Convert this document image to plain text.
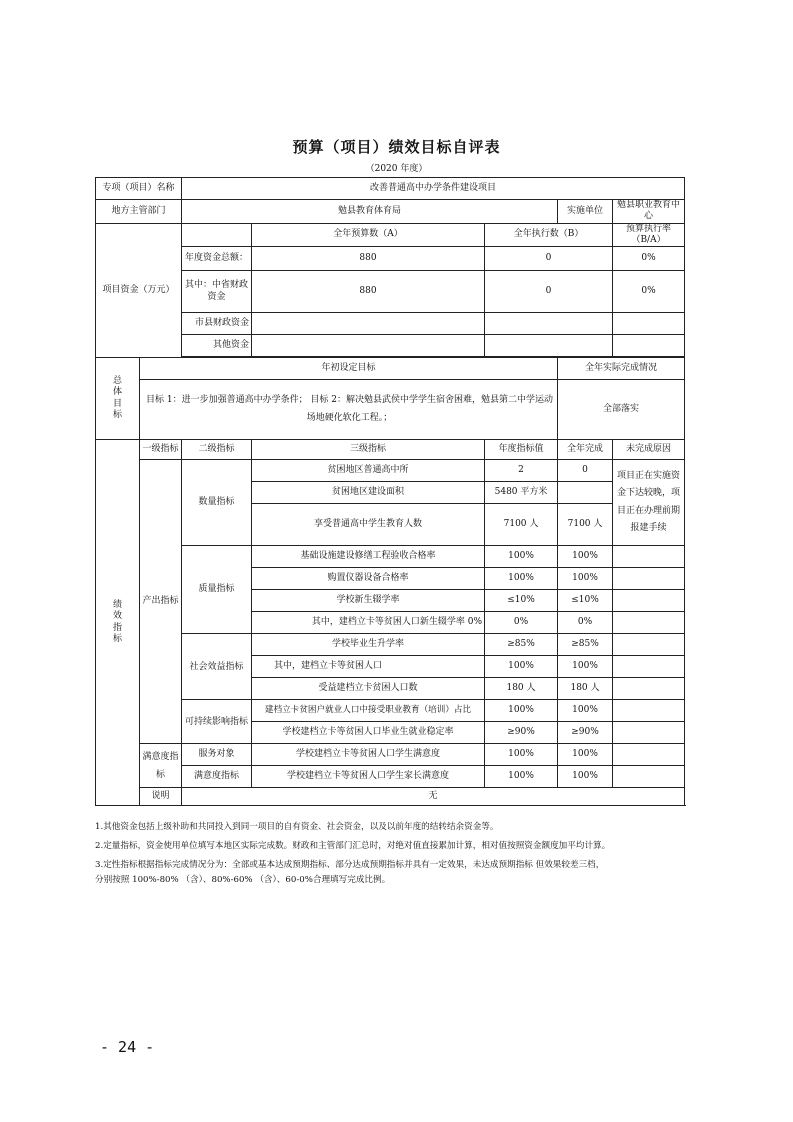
预算（项目）绩效目标自评表
（2020 年度）
专项（项目）名称		改善普通高中办学条件建设项目				
地方主管部门		勉县教育体育局			实施单位	勉县职业教育中心
项目资金（万元）			全年预算数（A）	全年执行数（B）		预算执行率（B/A）
		年度资金总额：	880	0		0%
		其中：中省财政资金	880	0		0%
		市县财政资金				
		其他资金				

总体目标	年初设定目标				全年实际完成情况	
	目标 1：进一步加强普通高中办学条件； 目标 2：解决勉县武侯中学学生宿舍困难，勉县第二中学运动场地硬化软化工程。；				全部落实	
绩效指标	一级指标	二级指标	三级指标	年度指标值	全年完成	未完成原因
	产出指标	数量指标	贫困地区普通高中所	2	0	项目正在实施资金下达较晚，项目正在办理前期报建手续
			贫困地区建设面积	5480 平方米		
			享受普通高中学生教育人数	7100 人	7100 人	
		质量指标	基础设施建设修缮工程验收合格率	100%	100%	
			购置仪器设备合格率	100%	100%	
			学校新生辍学率	≤10%	≤10%	
			其中，建档立卡等贫困人口新生辍学率 0%	0%	0%	
		社会效益指标	学校毕业生升学率	≥85%	≥85%	
			其中，建档立卡等贫困人口	100%	100%	
			受益建档立卡贫困人口数	180 人	180 人	
		可持续影响指标	建档立卡贫困户就业人口中接受职业教育（培训）占比	100%	100%	
			学校建档立卡等贫困人口毕业生就业稳定率	≥90%	≥90%	
	满意度指标	服务对象	学校建档立卡等贫困人口学生满意度	100%	100%	
		满意度指标	学校建档立卡等贫困人口学生家长满意度	100%	100%	
	说明	无				

1.其他资金包括上级补助和共同投入到同一项目的自有资金、社会资金，以及以前年度的结转结余资金等。

2.定量指标，资金使用单位填写本地区实际完成数。财政和主管部门汇总时，对绝对值直接累加计算，相对值按照资金额度加平均计算。

3.定性指标根据指标完成情况分为：全部或基本达成预期指标、部分达成预期指标并具有一定效果，未达成预期指标 但效果较差三档，

分别按照 100%-80% （含）、80%-60% （含）、60-0%合理填写完成比例。

- 24 -
